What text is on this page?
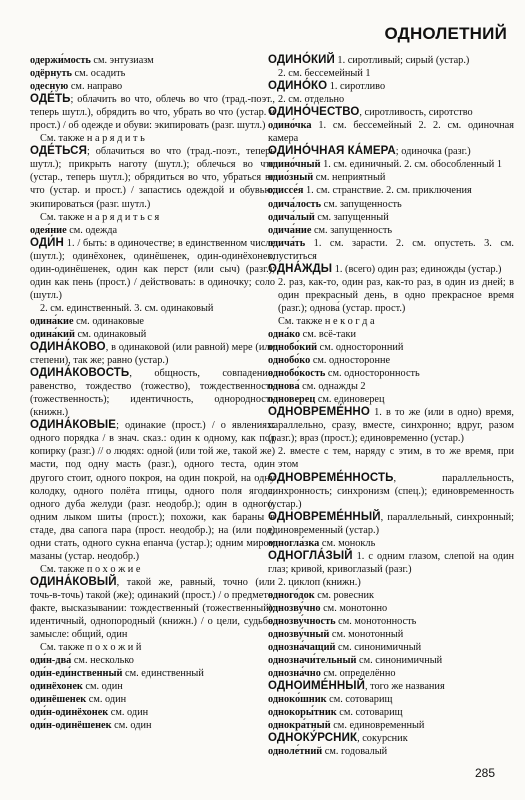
ОДНОЛЕТНИЙ

одержи́мость см. энтузиазм

одёрнуть см. осадить

одесную см. направо

ОДЕ́ТЬ; облачить во что, облечь во что (трад.-поэт., теперь шутл.), обрядить во что, убрать во что (устар. и прост.) / об одежде и обуви: экипировать (разг. шутл.)

См. также н а р я д и т ь

ОДЕ́ТЬСЯ; облачиться во что (трад.-поэт., теперь шутл.); прикрыть наготу (шутл.); облечься во что (устар., теперь шутл.); обрядиться во что, убраться во что (устар. и прост.) / запастись одеждой и обувью: экипироваться (разг. шутл.)

См. также н а р я д и т ь с я

одея́ние см. одежда

ОДИ́Н 1. / быть: в одиночестве; в единственном числе (шутл.); одинёхонек, одинёшенек, один-одинёхонек, один-одинёшенек, один как перст (или сыч) (разг.); один как пень (прост.) / действовать: в одиночку; соло (шутл.)

2. см. единственный. 3. см. одинаковый

одина́кие см. одинаковые

одина́кий см. одинаковый

ОДИНА́КОВО, в одинаковой (или равной) мере (или степени), так же; равно (устар.)

ОДИНА́КОВОСТЬ, общность, совпадение, равенство, тождество (тожество), тождественность (тожественность); идентичность, однородность (книжн.)

ОДИНА́КОВЫЕ; одинакие (прост.) / о явлениях: одного порядка / в знач. сказ.: один к одному, как под копирку (разг.) // о людях: одной (или той же, такой же) масти, под одну масть (разг.), одного теста, один другого стоит, одного покроя, на один покрой, на одну колодку, одного полёта птицы, одного поля ягода, одного дуба желуди (разг. неодобр.); один в одного, одним лыком шиты (прост.); похожи, как бараны в стаде, два сапога пара (прост. неодобр.); на (или под) одни стать, одного сукна епанча (устар.); одним миром мазаны (устар. неодобр.)

См. также п о х о ж и е

ОДИНА́КОВЫЙ, такой же, равный, точно (или точь-в-точь) такой (же); одинакий (прост.) / о предмете, факте, высказывании: тождественный (тожественный); идентичный, однопородный (книжн.) / о цели, судьбе, замысле: общий, один

См. также п о х о ж и й

оди́н-два́ см. несколько

оди́н-еди́нственный см. единственный

одинёхонек см. один

одинёшенек см. один

оди́н-одинёхонек см. один

оди́н-одинёшенек см. один

ОДИНО́КИЙ 1. сиротливый; сирый (устар.)

2. см. бессемейный 1

ОДИНО́КО 1. сиротливо

2. см. отдельно

ОДИНО́ЧЕСТВО, сиротливость, сиротство

одино́чка 1. см. бессемейный 2. 2. см. одиночная камера

ОДИНО́ЧНАЯ КА́МЕРА; одиночка (разг.)

одино́чный 1. см. единичный. 2. см. обособленный 1

одио́зный см. неприятный

одиссе́я 1. см. странствие. 2. см. приключения

одича́лость см. запущенность

одича́лый см. запущенный

одича́ние см. запущенность

одича́ть 1. см. зарасти. 2. см. опустеть. 3. см. опуститься

ОДНА́ЖДЫ 1. (всего) один раз; единожды (устар.)

2. раз, как-то, один раз, как-то раз, в один из дней; в один прекрасный день, в одно прекрасное время (разг.); однова́ (устар. прост.)

См. также н е к о г д а

одна́ко см. всё-таки

однобо́кий см. односторонний

однобо́ко см. односторонне

однобо́кость см. односторонность

однова́ см. однажды 2

одноверец см. единоверец

ОДНОВРЕМЕ́ННО 1. в то же (или в одно) время, параллельно, сразу, вместе, синхронно; вдруг, разом (разг.); враз (прост.); единовременно (устар.)

2. вместе с тем, наряду с этим, в то же время, при этом

ОДНОВРЕМЕ́ННОСТЬ, параллельность, синхронность; синхронизм (спец.); единовременность (устар.)

ОДНОВРЕМЕ́ННЫЙ, параллельный, синхронный; единовременный (устар.)

одногла́зка см. монокль

ОДНОГЛА́ЗЫЙ 1. с одним глазом, слепой на один глаз; кривой, кривоглазый (разг.)

2. циклоп (книжн.)

одного́док см. ровесник

однозву́чно см. монотонно

однозву́чность см. монотонность

однозву́чный см. монотонный

однозна́чащий см. синонимичный

однозначи́тельный см. синонимичный

однозна́чно см. определённо

ОДНОИМЕ́ННЫЙ, того же названия

одноко́шник см. сотоварищ

однокоры́тник см. сотоварищ

однокра́тный см. единовременный

ОДНОКУ́РСНИК, сокурсник

одноле́тний см. годовалый

285
